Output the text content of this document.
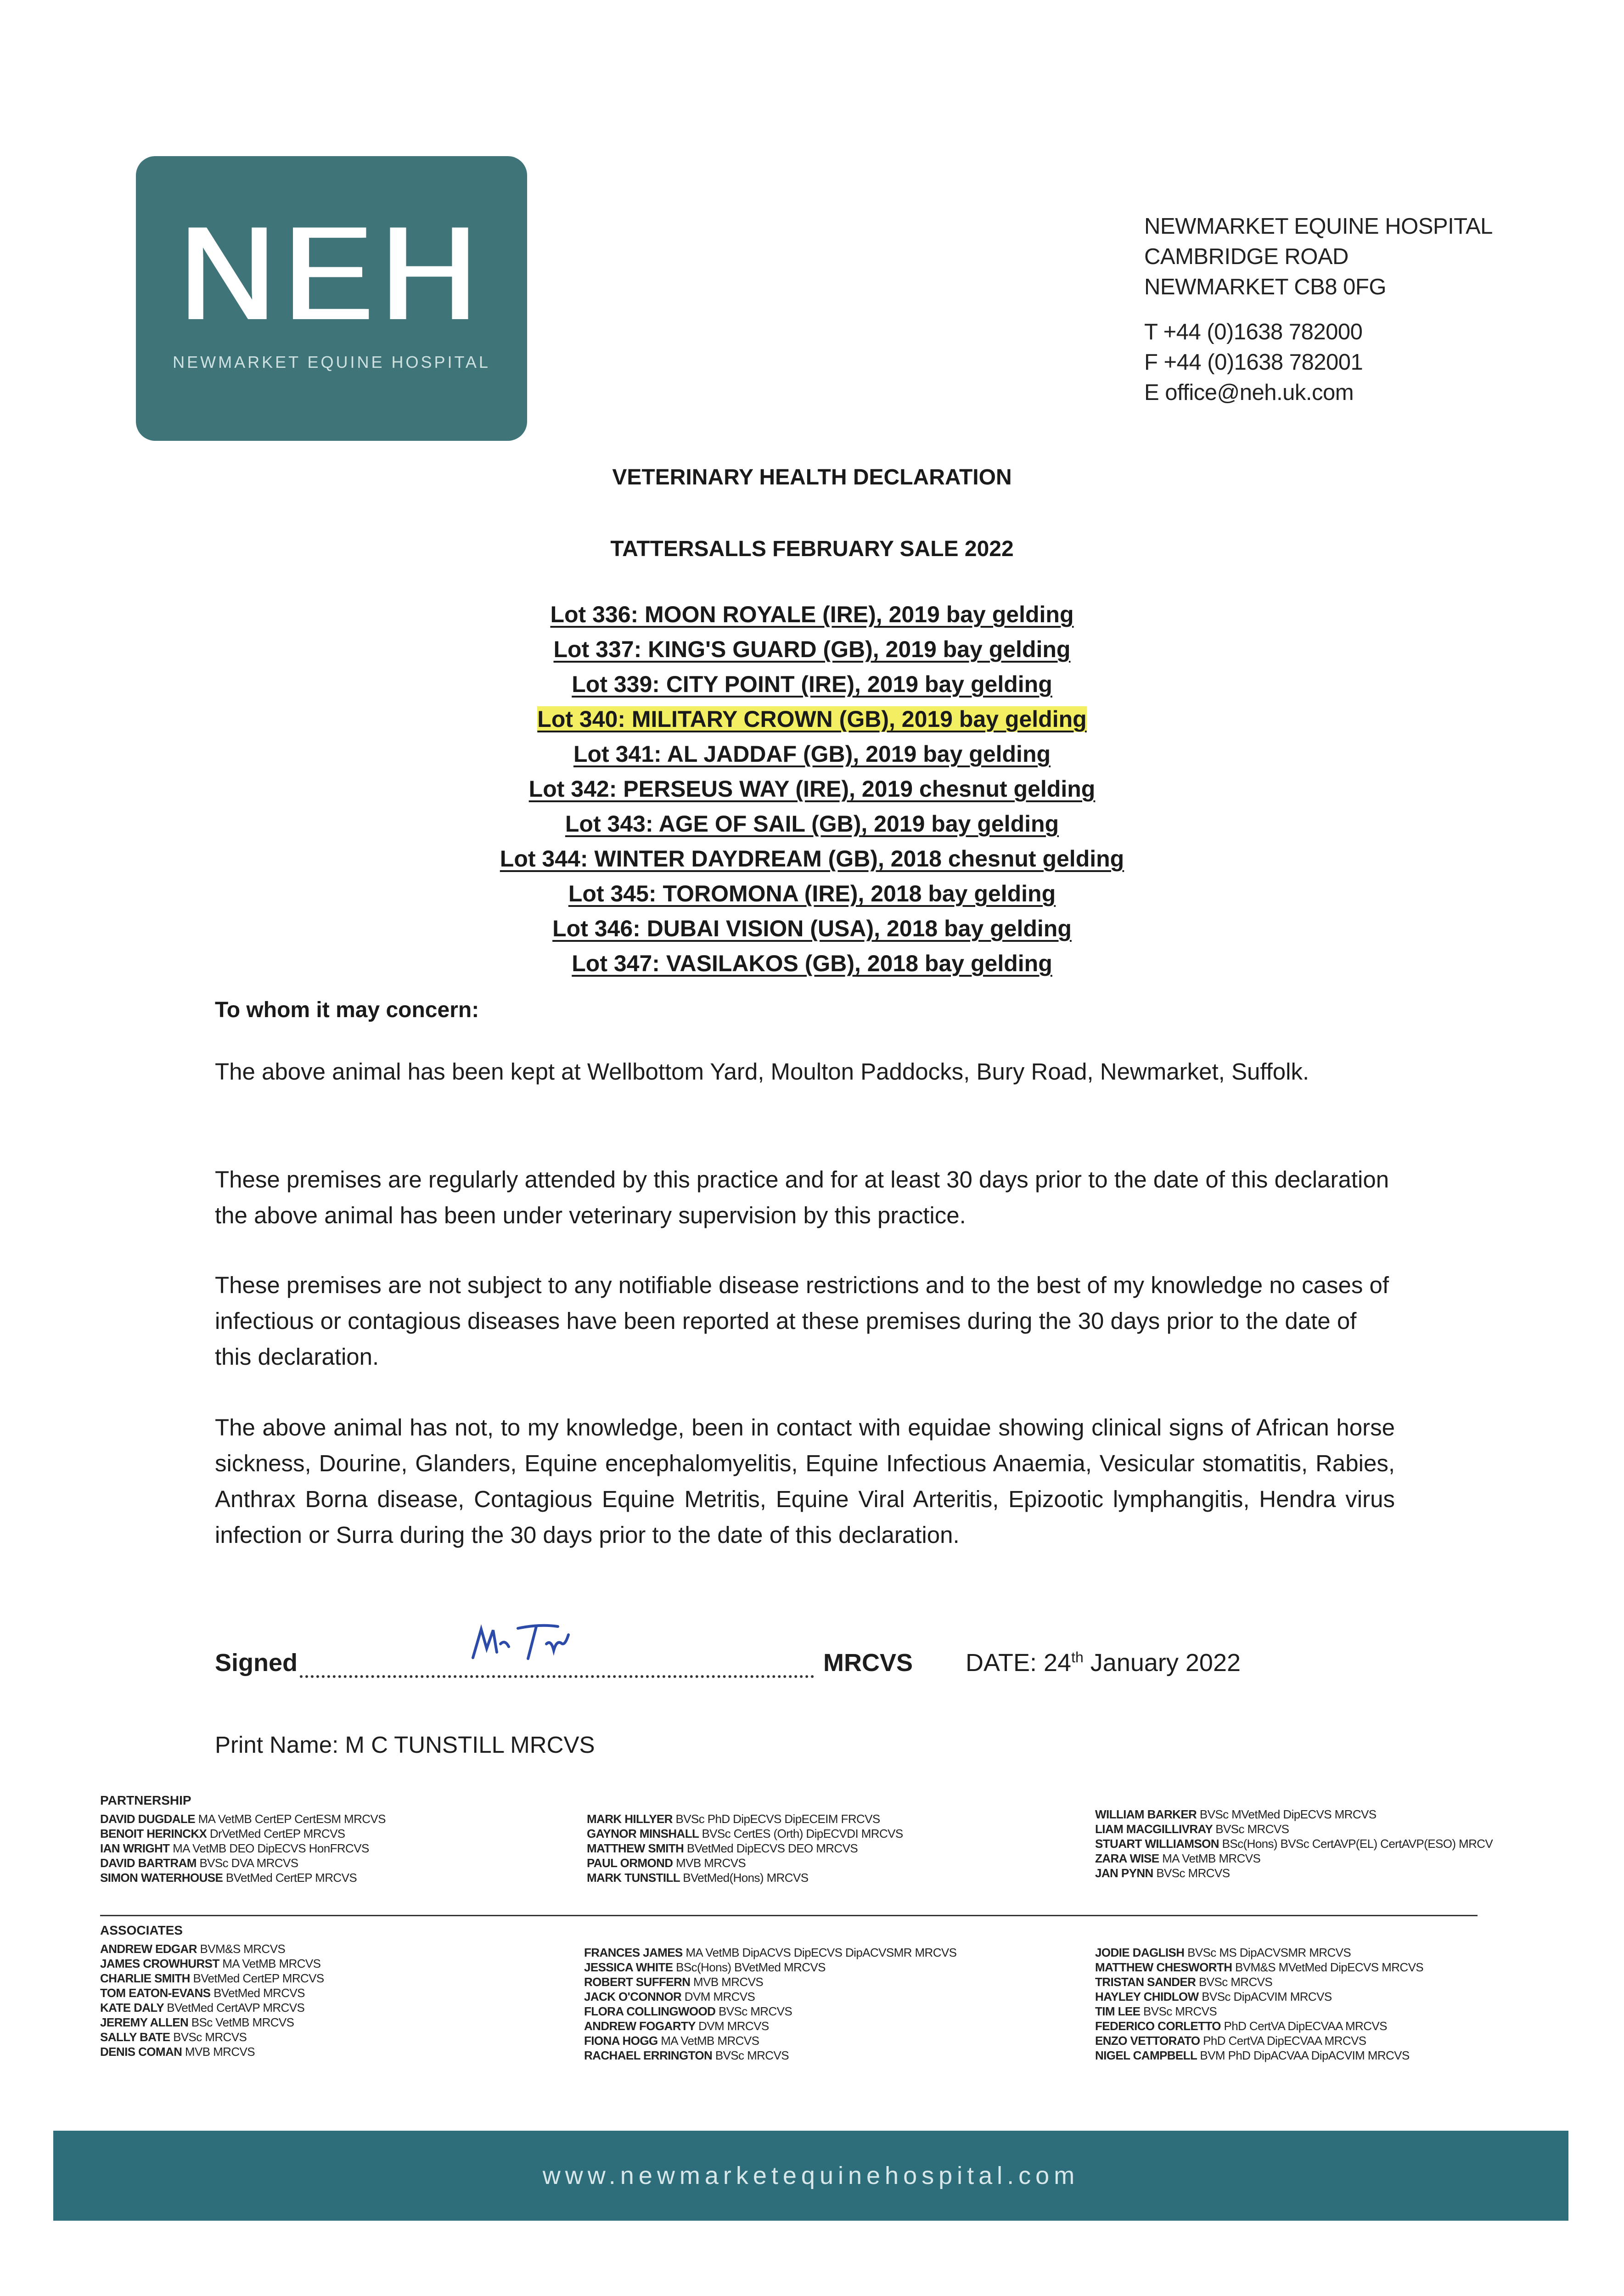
NEH
NEWMARKET EQUINE HOSPITAL
NEWMARKET EQUINE HOSPITAL
CAMBRIDGE ROAD
NEWMARKET CB8 0FG
T +44 (0)1638 782000
F +44 (0)1638 782001
E office@neh.uk.com
VETERINARY HEALTH DECLARATION
TATTERSALLS FEBRUARY SALE 2022
Lot 336: MOON ROYALE (IRE), 2019 bay gelding
Lot 337: KING'S GUARD (GB), 2019 bay gelding
Lot 339: CITY POINT (IRE), 2019 bay gelding
Lot 340: MILITARY CROWN (GB), 2019 bay gelding
Lot 341: AL JADDAF (GB), 2019 bay gelding
Lot 342: PERSEUS WAY (IRE), 2019 chesnut gelding
Lot 343: AGE OF SAIL (GB), 2019 bay gelding
Lot 344: WINTER DAYDREAM (GB), 2018 chesnut gelding
Lot 345: TOROMONA (IRE), 2018 bay gelding
Lot 346: DUBAI VISION (USA), 2018 bay gelding
Lot 347: VASILAKOS (GB), 2018 bay gelding
To whom it may concern:
The above animal has been kept at Wellbottom Yard, Moulton Paddocks, Bury Road, Newmarket, Suffolk.
These premises are regularly attended by this practice and for at least 30 days prior to the date of this declaration the above animal has been under veterinary supervision by this practice.
These premises are not subject to any notifiable disease restrictions and to the best of my knowledge no cases of infectious or contagious diseases have been reported at these premises during the 30 days prior to the date of this declaration.
The above animal has not, to my knowledge, been in contact with equidae showing clinical signs of African horse sickness, Dourine, Glanders, Equine encephalomyelitis, Equine Infectious Anaemia, Vesicular stomatitis, Rabies, Anthrax Borna disease, Contagious Equine Metritis, Equine Viral Arteritis, Epizootic lymphangitis, Hendra virus infection or Surra during the 30 days prior to the date of this declaration.
Signed	MRCVS DATE: 24th January 2022
Print Name: M C TUNSTILL MRCVS
PARTNERSHIP
DAVID DUGDALE MA VetMB CertEP CertESM MRCVS
BENOIT HERINCKX DrVetMed CertEP MRCVS
IAN WRIGHT MA VetMB DEO DipECVS HonFRCVS
DAVID BARTRAM BVSc DVA MRCVS
SIMON WATERHOUSE BVetMed CertEP MRCVS
MARK HILLYER BVSc PhD DipECVS DipECEIM FRCVS
GAYNOR MINSHALL BVSc CertES (Orth) DipECVDI MRCVS
MATTHEW SMITH BVetMed DipECVS DEO MRCVS
PAUL ORMOND MVB MRCVS
MARK TUNSTILL BVetMed(Hons) MRCVS
WILLIAM BARKER BVSc MVetMed DipECVS MRCVS
LIAM MACGILLIVRAY BVSc MRCVS
STUART WILLIAMSON BSc(Hons) BVSc CertAVP(EL) CertAVP(ESO) MRCV
ZARA WISE MA VetMB MRCVS
JAN PYNN BVSc MRCVS
ASSOCIATES
ANDREW EDGAR BVM&S MRCVS
JAMES CROWHURST MA VetMB MRCVS
CHARLIE SMITH BVetMed CertEP MRCVS
TOM EATON-EVANS BVetMed MRCVS
KATE DALY BVetMed CertAVP MRCVS
JEREMY ALLEN BSc VetMB MRCVS
SALLY BATE BVSc MRCVS
DENIS COMAN MVB MRCVS
FRANCES JAMES MA VetMB DipACVS DipECVS DipACVSMR MRCVS
JESSICA WHITE BSc(Hons) BVetMed MRCVS
ROBERT SUFFERN MVB MRCVS
JACK O'CONNOR DVM MRCVS
FLORA COLLINGWOOD BVSc MRCVS
ANDREW FOGARTY DVM MRCVS
FIONA HOGG MA VetMB MRCVS
RACHAEL ERRINGTON BVSc MRCVS
JODIE DAGLISH BVSc MS DipACVSMR MRCVS
MATTHEW CHESWORTH BVM&S MVetMed DipECVS MRCVS
TRISTAN SANDER BVSc MRCVS
HAYLEY CHIDLOW BVSc DipACVIM MRCVS
TIM LEE BVSc MRCVS
FEDERICO CORLETTO PhD CertVA DipECVAA MRCVS
ENZO VETTORATO PhD CertVA DipECVAA MRCVS
NIGEL CAMPBELL BVM PhD DipACVAA DipACVIM MRCVS
www.newmarketequinehospital.com
